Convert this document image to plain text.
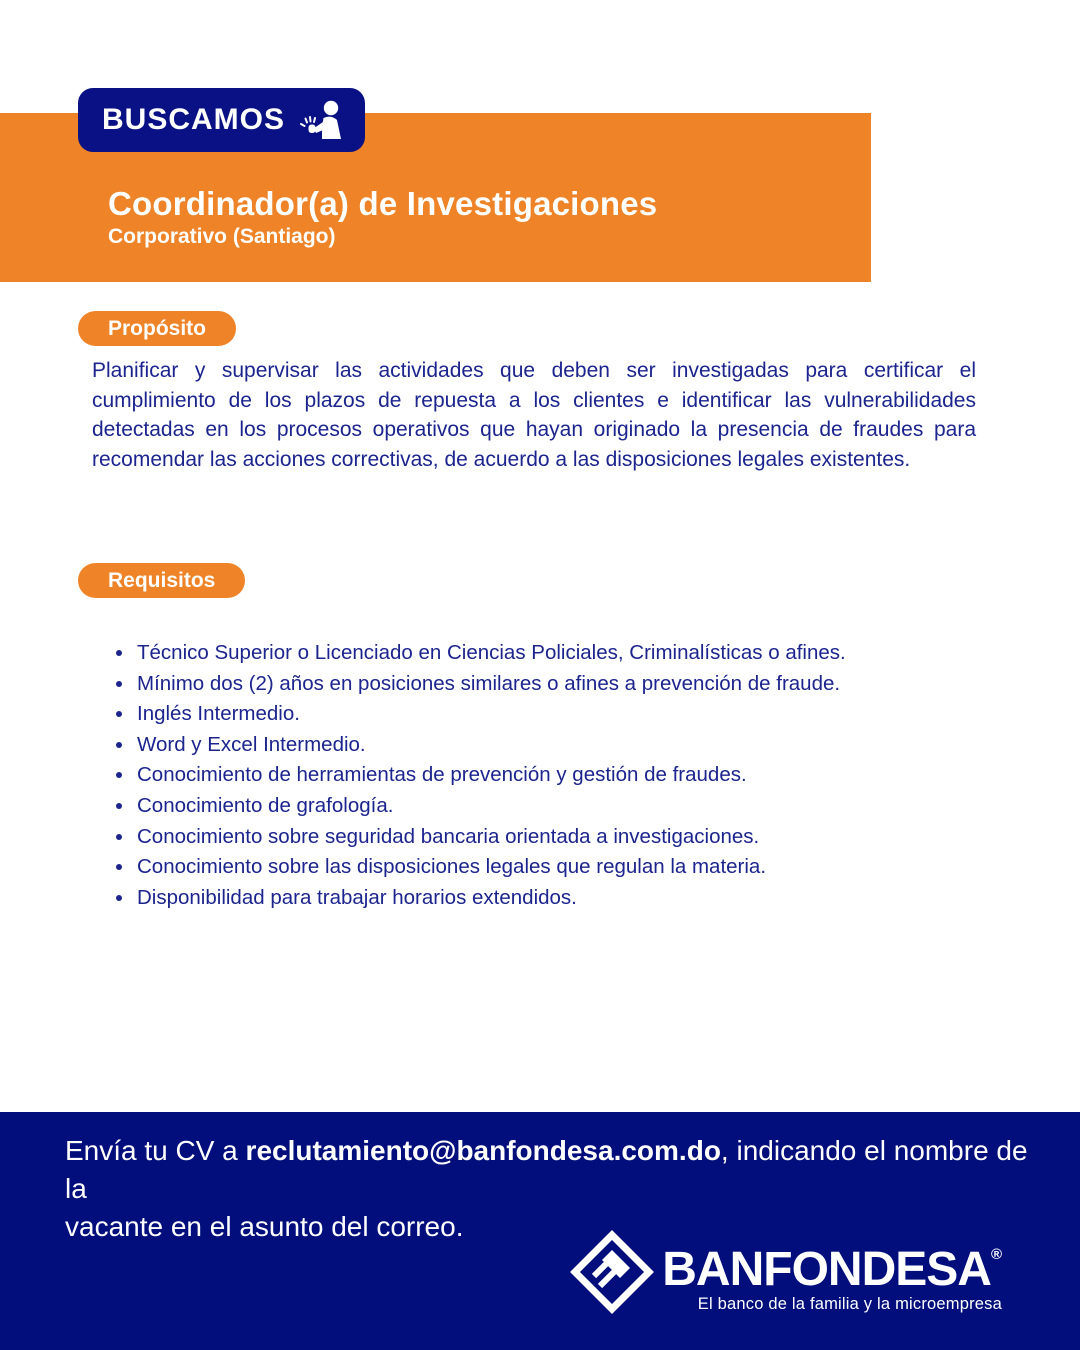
Coordinador(a) de Investigaciones
Corporativo (Santiago)
BUSCAMOS
Propósito

Planificar y supervisar las actividades que deben ser investigadas para certificar el cumplimiento de los plazos de repuesta a los clientes e identificar las vulnerabilidades detectadas en los procesos operativos que hayan originado la presencia de fraudes para recomendar las acciones correctivas, de acuerdo a las disposiciones legales existentes.

Requisitos
• Técnico Superior o Licenciado en Ciencias Policiales, Criminalísticas o afines.
• Mínimo dos (2) años en posiciones similares o afines a prevención de fraude.
• Inglés Intermedio.
• Word y Excel Intermedio.
• Conocimiento de herramientas de prevención y gestión de fraudes.
• Conocimiento de grafología.
• Conocimiento sobre seguridad bancaria orientada a investigaciones.
• Conocimiento sobre las disposiciones legales que regulan la materia.
• Disponibilidad para trabajar horarios extendidos.

Envía tu CV a reclutamiento@banfondesa.com.do, indicando el nombre de la
vacante en el asunto del correo.

BANFONDESA®
El banco de la familia y la microempresa
